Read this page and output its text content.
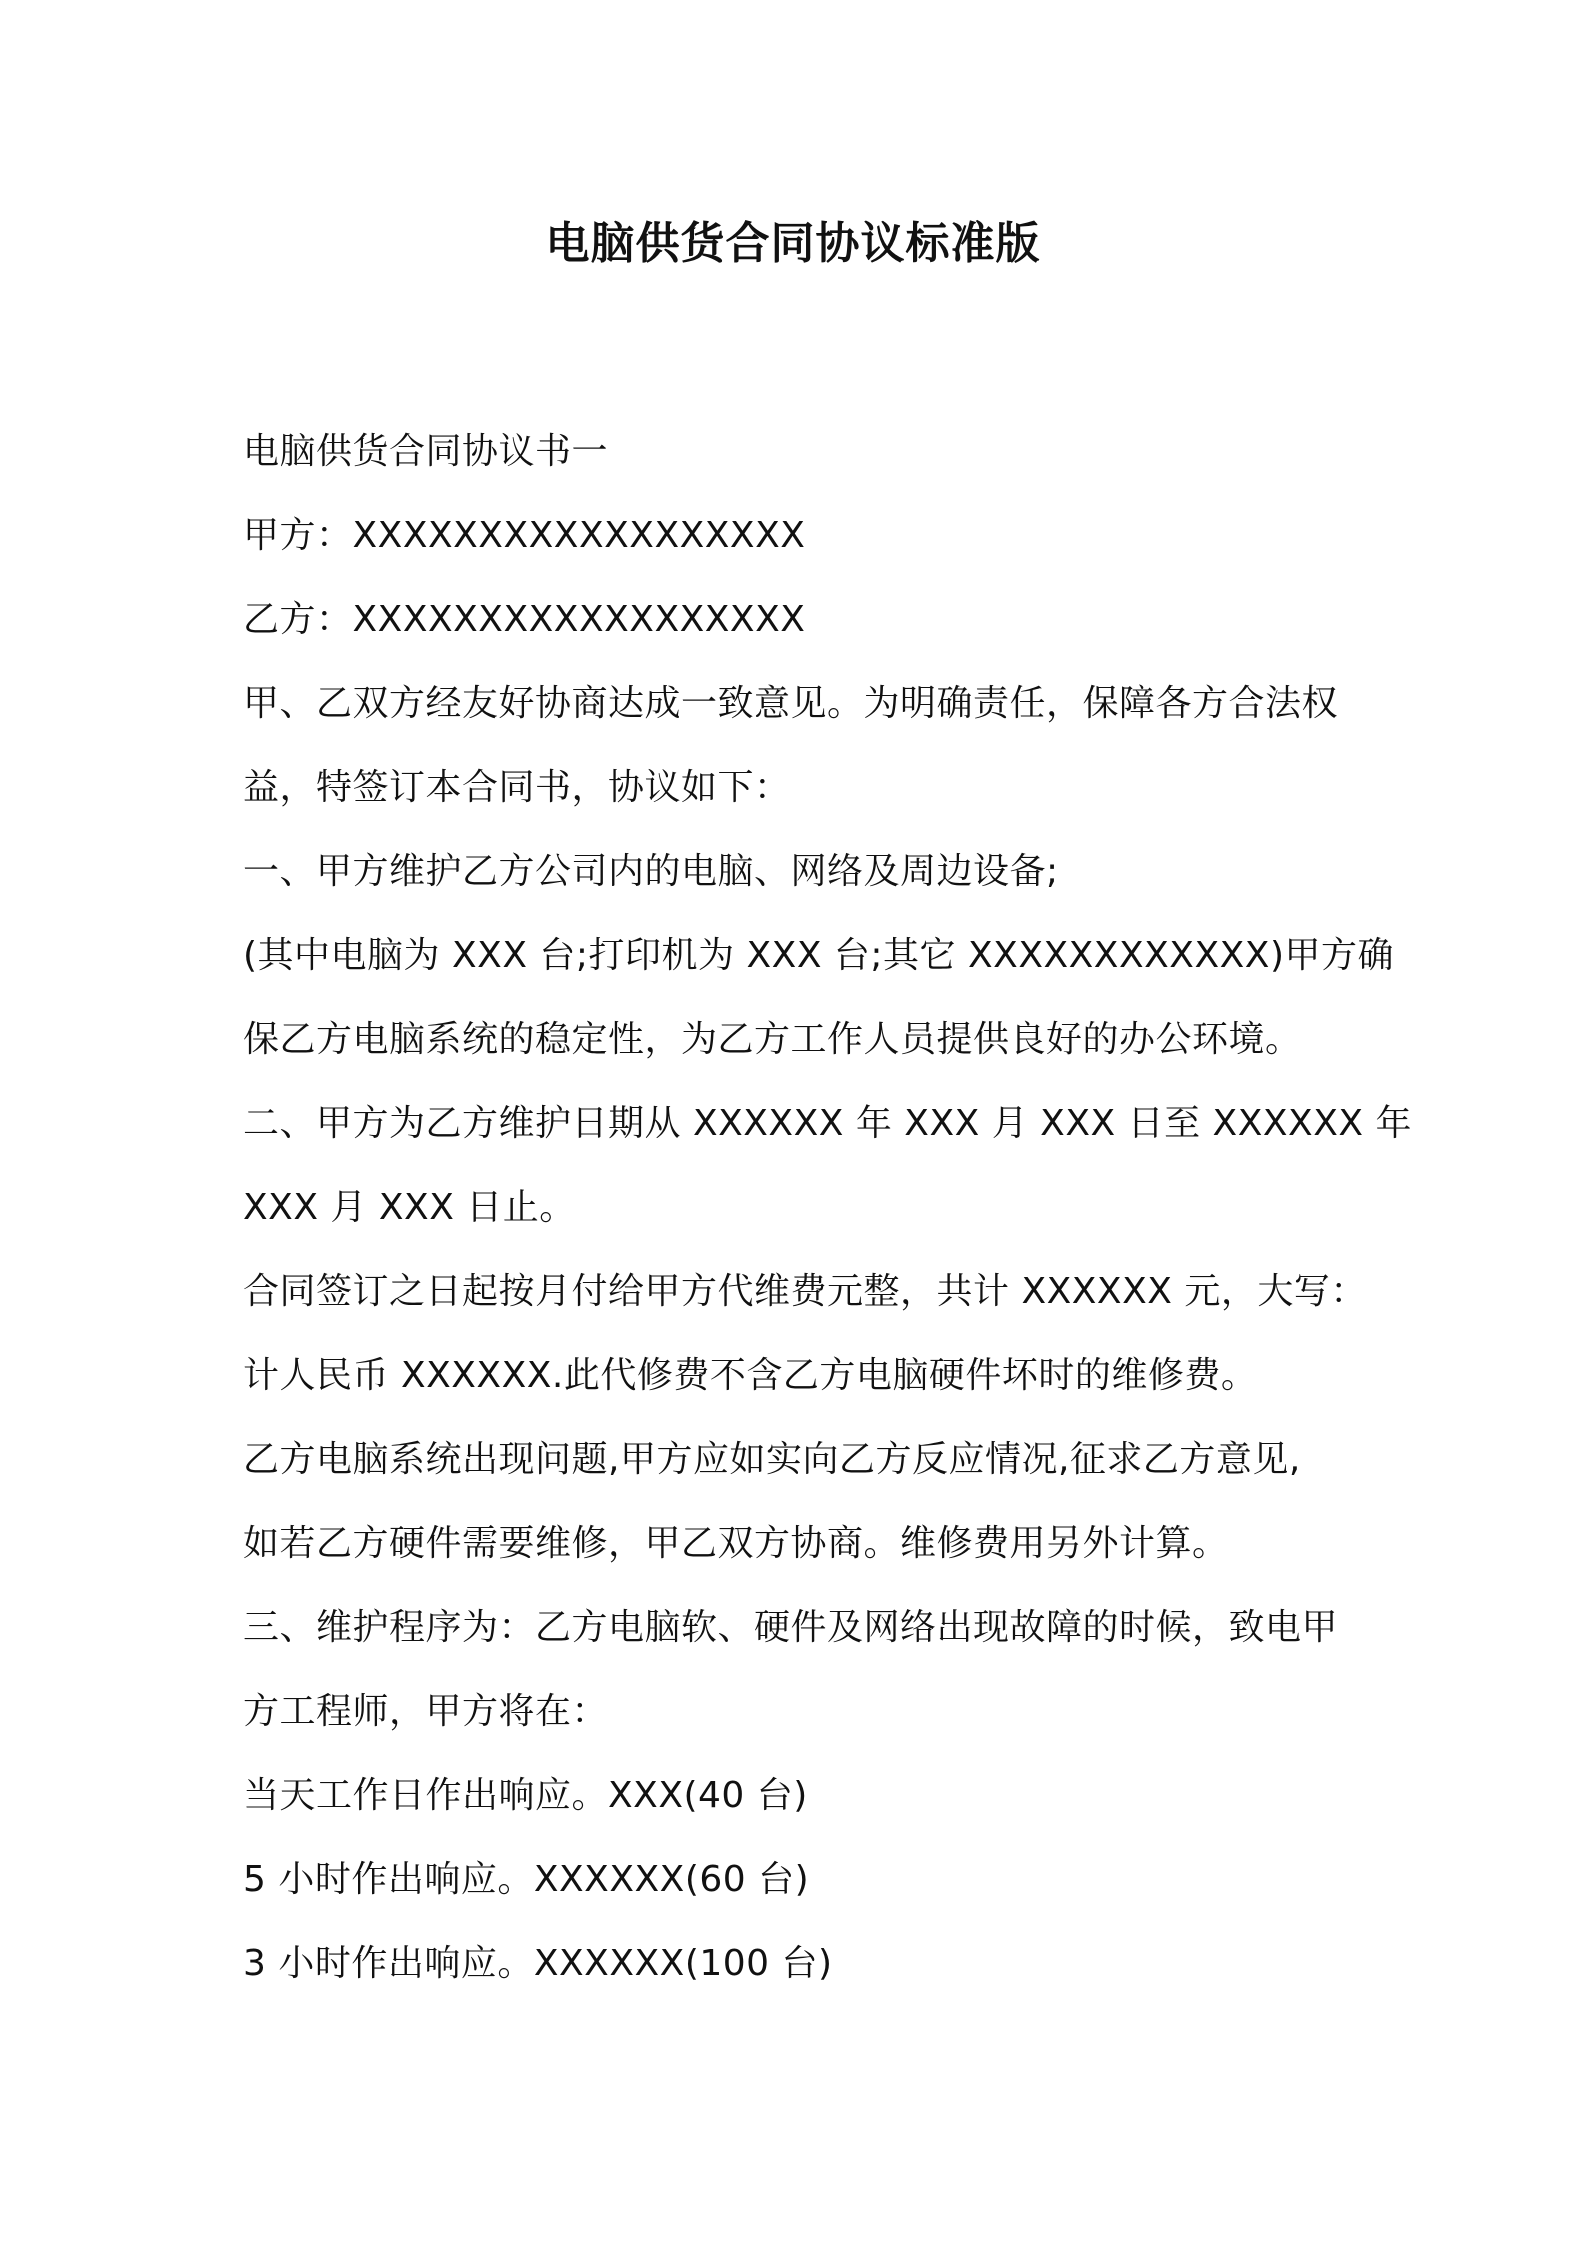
电脑供货合同协议标准版
电脑供货合同协议书一
甲方：XXXXXXXXXXXXXXXXXX
乙方：XXXXXXXXXXXXXXXXXX
甲、乙双方经友好协商达成一致意见。为明确责任，保障各方合法权
益，特签订本合同书，协议如下：
一、甲方维护乙方公司内的电脑、网络及周边设备;
(其中电脑为 XXX 台;打印机为 XXX 台;其它 XXXXXXXXXXXX)甲方确
保乙方电脑系统的稳定性，为乙方工作人员提供良好的办公环境。
二、甲方为乙方维护日期从 XXXXXX 年 XXX 月 XXX 日至 XXXXXX 年
XXX 月 XXX 日止。
合同签订之日起按月付给甲方代维费元整，共计 XXXXXX 元，大写：
计人民币 XXXXXX.此代修费不含乙方电脑硬件坏时的维修费。
乙方电脑系统出现问题,甲方应如实向乙方反应情况,征求乙方意见,
如若乙方硬件需要维修，甲乙双方协商。维修费用另外计算。
三、维护程序为：乙方电脑软、硬件及网络出现故障的时候，致电甲
方工程师，甲方将在：
当天工作日作出响应。XXX(40 台)
5 小时作出响应。XXXXXX(60 台)
3 小时作出响应。XXXXXX(100 台)
